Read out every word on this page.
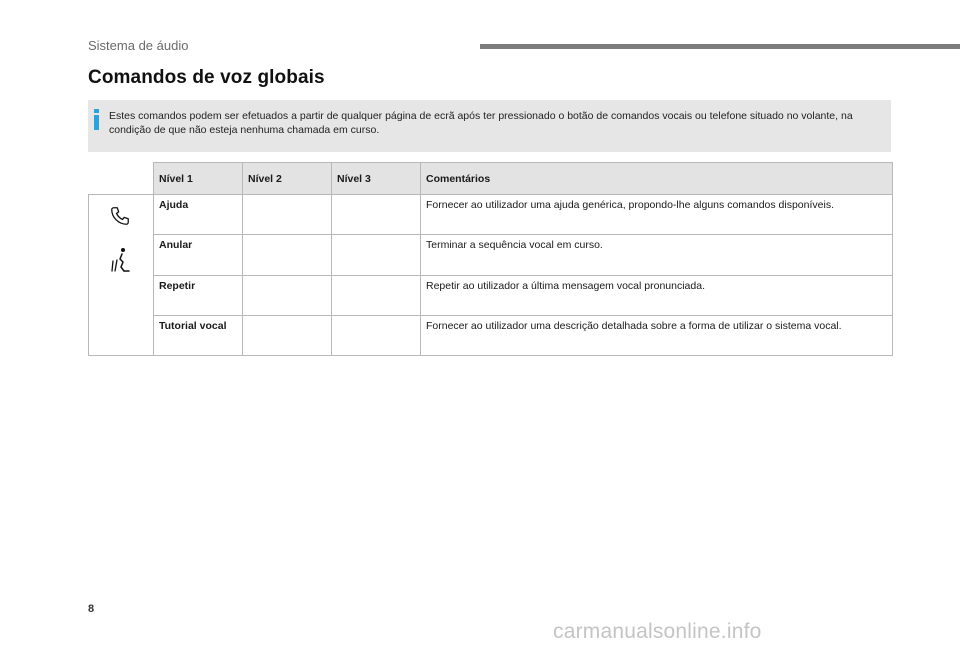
Sistema de áudio
Comandos de voz globais
Estes comandos podem ser efetuados a partir de qualquer página de ecrã após ter pressionado o botão de comandos vocais ou telefone situado no volante, na condição de que não esteja nenhuma chamada em curso.
	Nível 1	Nível 2	Nível 3	Comentários

	Ajuda			Fornecer ao utilizador uma ajuda genérica, propondo-lhe alguns comandos disponíveis.
	Anular			Terminar a sequência vocal em curso.
	Repetir			Repetir ao utilizador a última mensagem vocal pronunciada.
	Tutorial vocal			Fornecer ao utilizador uma descrição detalhada sobre a forma de utilizar o sistema vocal.
8
carmanualsonline.info
